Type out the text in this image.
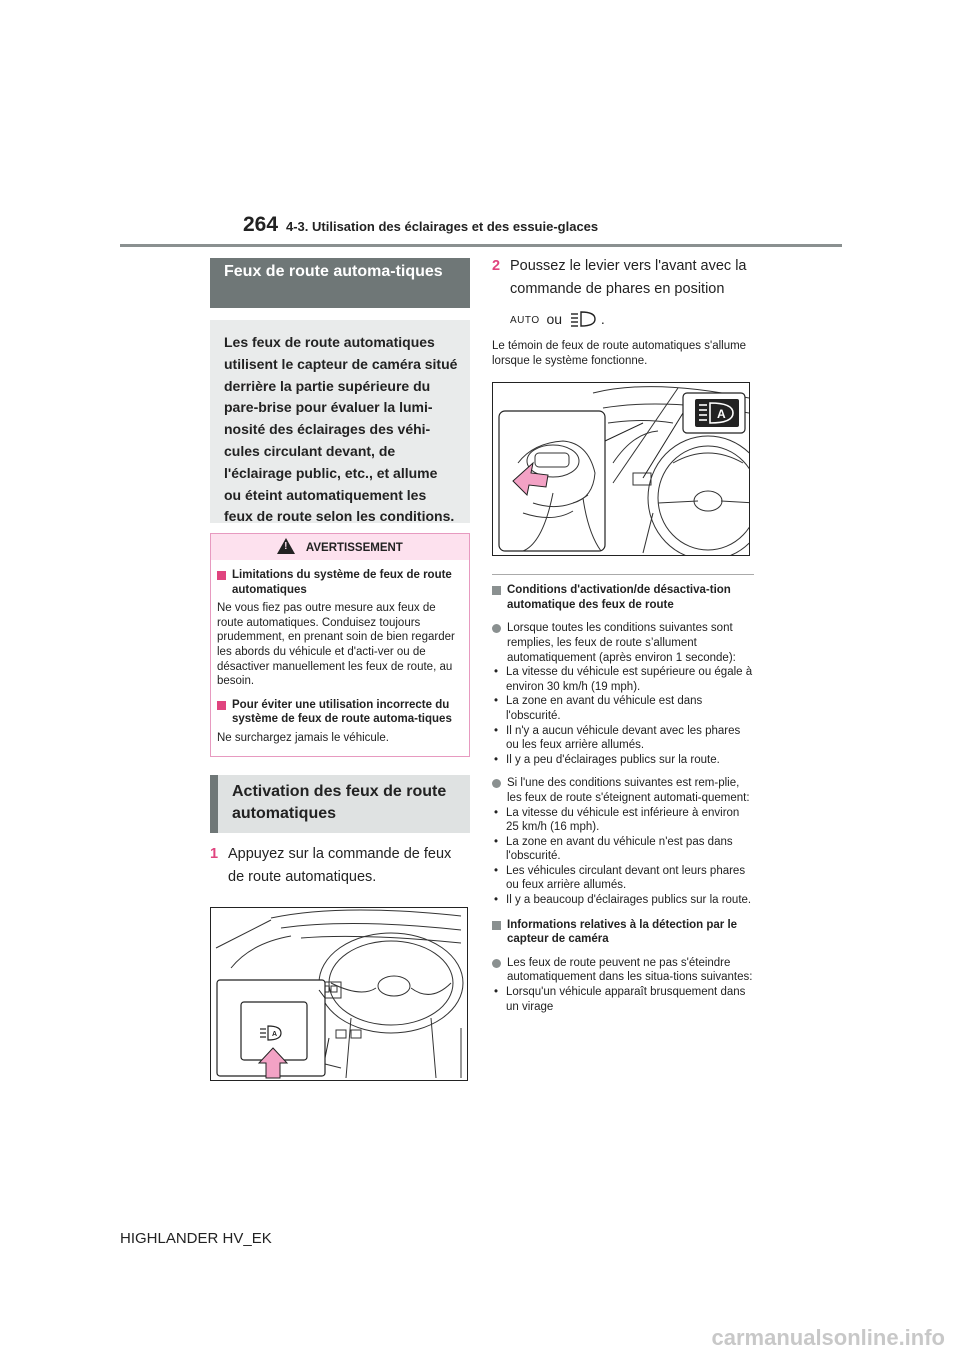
264 4-3. Utilisation des éclairages et des essuie-glaces
Feux de route automa-tiques
Les feux de route automatiques utilisent le capteur de caméra situé derrière la partie supérieure du pare-brise pour évaluer la lumi-nosité des éclairages des véhi-cules circulant devant, de l'éclairage public, etc., et allume ou éteint automatiquement les feux de route selon les conditions.
! AVERTISSEMENT
Limitations du système de feux de route automatiques

Ne vous fiez pas outre mesure aux feux de route automatiques. Conduisez toujours prudemment, en prenant soin de bien regarder les abords du véhicule et d'acti-ver ou de désactiver manuellement les feux de route, au besoin.

Pour éviter une utilisation incorrecte du système de feux de route automa-tiques

Ne surchargez jamais le véhicule.

Activation des feux de route automatiques
1 Appuyez sur la commande de feux de route automatiques.
A
2 Poussez le levier vers l'avant avec la commande de phares en position
AUTO ou	.

Le témoin de feux de route automatiques s'allume lorsque le système fonctionne.

A
Conditions d'activation/de désactiva-tion automatique des feux de route
Lorsque toutes les conditions suivantes sont remplies, les feux de route s’allument automatiquement (après environ 1 seconde):
• La vitesse du véhicule est supérieure ou égale à environ 30 km/h (19 mph).
• La zone en avant du véhicule est dans l'obscurité.
• Il n'y a aucun véhicule devant avec les phares ou les feux arrière allumés.
• Il y a peu d'éclairages publics sur la route.
Si l'une des conditions suivantes est rem-plie, les feux de route s'éteignent automati-quement:
• La vitesse du véhicule est inférieure à environ 25 km/h (16 mph).
• La zone en avant du véhicule n'est pas dans l'obscurité.
• Les véhicules circulant devant ont leurs phares ou feux arrière allumés.
• Il y a beaucoup d'éclairages publics sur la route.
Informations relatives à la détection par le capteur de caméra
Les feux de route peuvent ne pas s'éteindre automatiquement dans les situa-tions suivantes:
• Lorsqu'un véhicule apparaît brusquement dans un virage
HIGHLANDER HV_EK
carmanualsonline.info
